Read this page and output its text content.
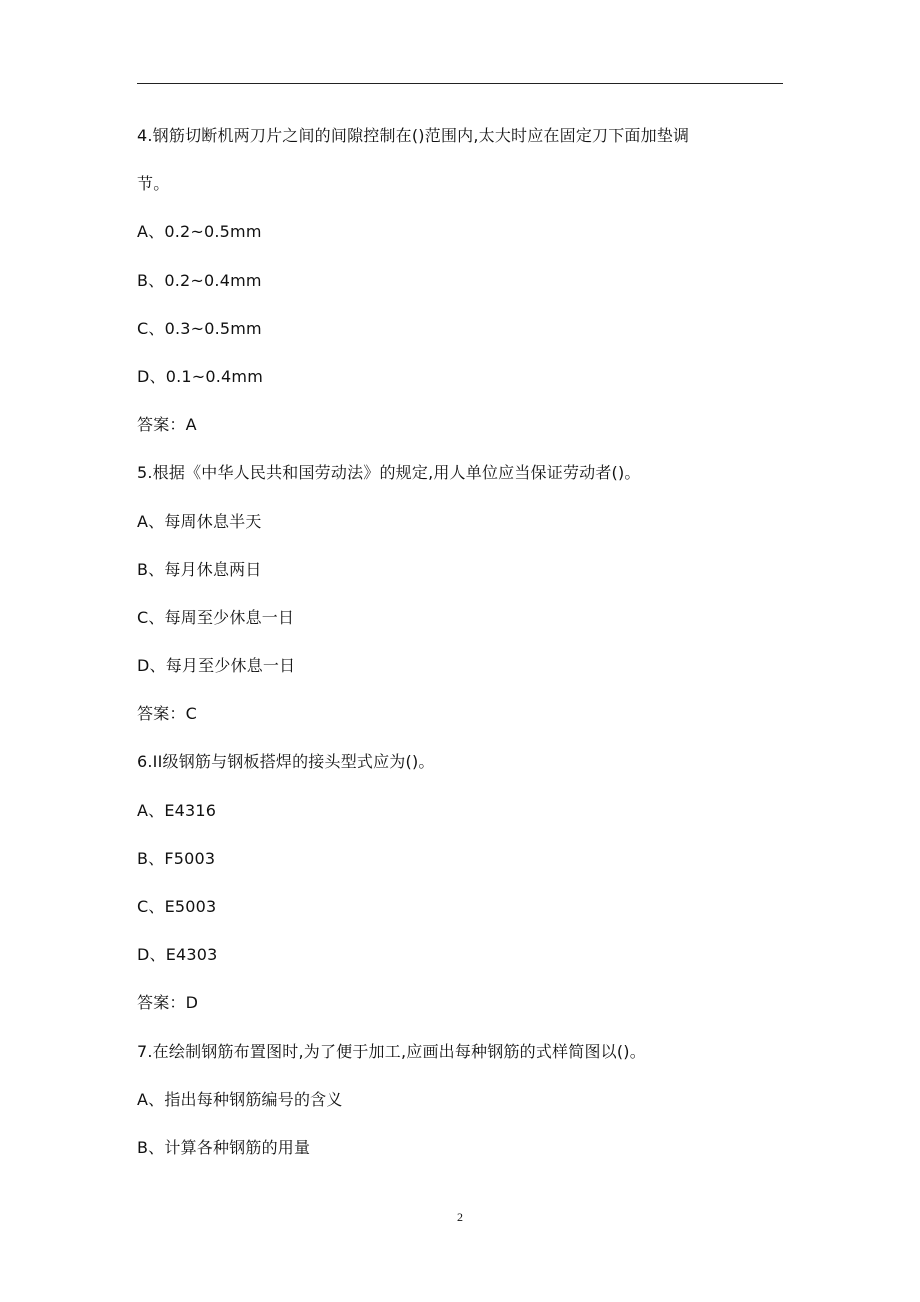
4.钢筋切断机两刀片之间的间隙控制在()范围内,太大时应在固定刀下面加垫调
节。
A、0.2~0.5mm
B、0.2~0.4mm
C、0.3~0.5mm
D、0.1~0.4mm
答案：A
5.根据《中华人民共和国劳动法》的规定,用人单位应当保证劳动者()。
A、每周休息半天
B、每月休息两日
C、每周至少休息一日
D、每月至少休息一日
答案：C
6.II级钢筋与钢板搭焊的接头型式应为()。
A、E4316
B、F5003
C、E5003
D、E4303
答案：D
7.在绘制钢筋布置图时,为了便于加工,应画出每种钢筋的式样简图以()。
A、指出每种钢筋编号的含义
B、计算各种钢筋的用量
2
